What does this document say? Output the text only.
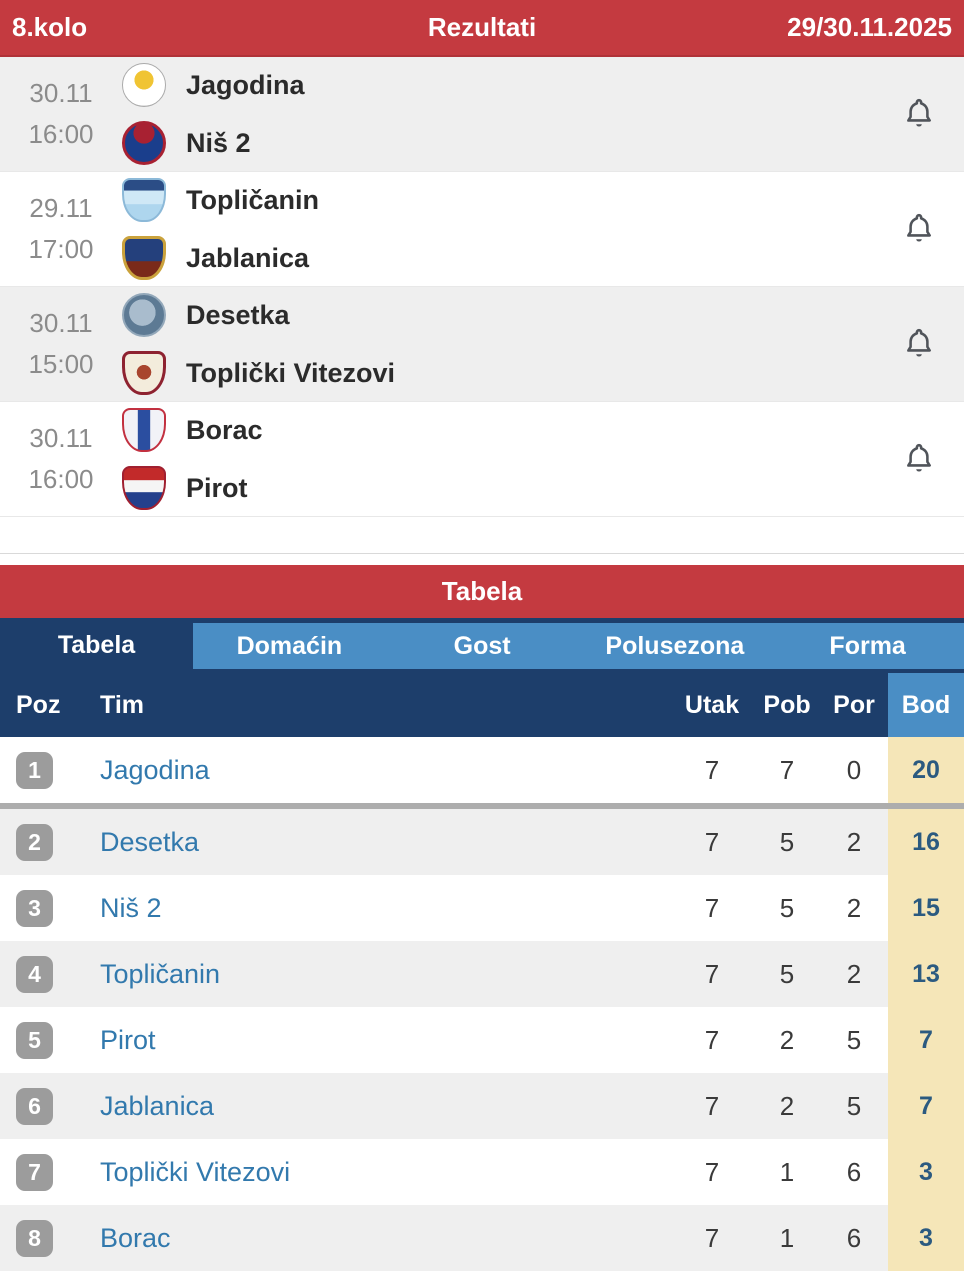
8.kolo	Rezultati	29/30.11.2025
30.11
16:00
Jagodina
Niš 2
29.11
17:00
Topličanin
Jablanica
30.11
15:00
Desetka
Toplički Vitezovi
30.11
16:00
Borac
Pirot
Tabela
Tabela	Domaćin	Gost	Polusezona	Forma
Poz	Tim	Utak Pob Por	Bod
1	Jagodina	7	7	0	20
2	Desetka	7	5	2	16
3	Niš 2	7	5	2	15
4	Topličanin	7	5	2	13
5	Pirot	7	2	5	7
6	Jablanica	7	2	5	7
7	Toplički Vitezovi	7	1	6	3
8	Borac	7	1	6	3
